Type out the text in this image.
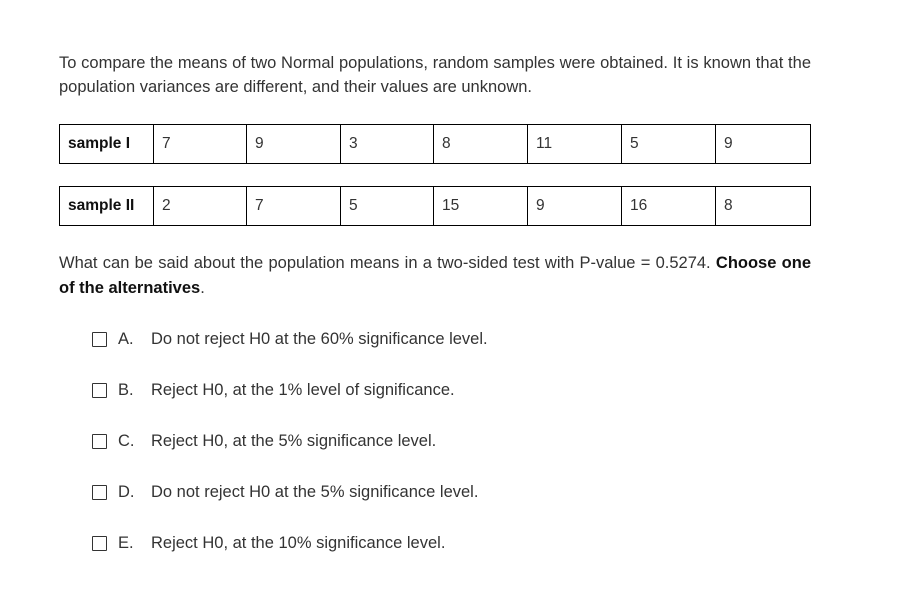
To compare the means of two Normal populations, random samples were obtained. It is known that the population variances are different, and their values are unknown.

sample I	7	9	3	8	11	5	9
sample II	2	7	5	15	9	16	8

What can be said about the population means in a two-sided test with P-value = 0.5274. Choose one of the alternatives.

A.	Do not reject H0 at the 60% significance level.
B.	Reject H0, at the 1% level of significance.
C.	Reject H0, at the 5% significance level.
D.	Do not reject H0 at the 5% significance level.
E.	Reject H0, at the 10% significance level.
